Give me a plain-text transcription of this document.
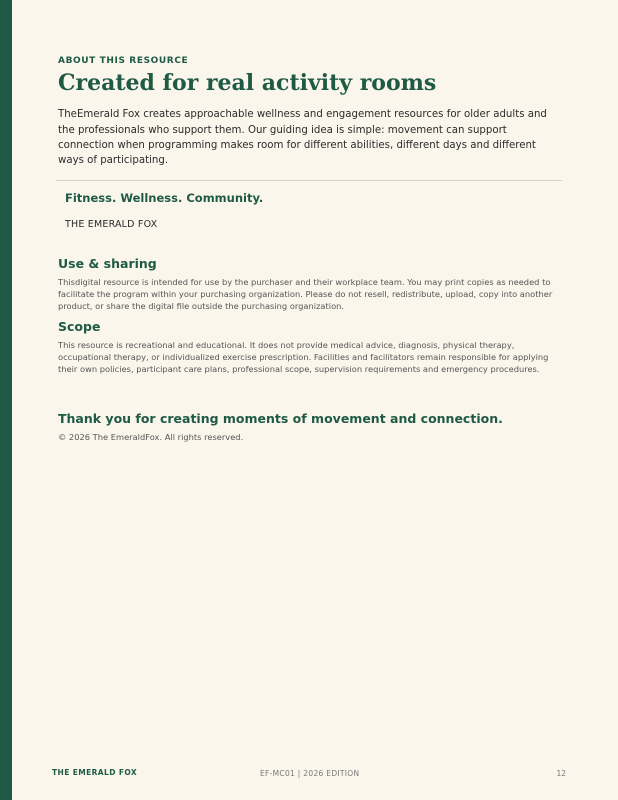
ABOUT THIS RESOURCE

Created for real activity rooms

TheEmerald Fox creates approachable wellness and engagement resources for older adults and the professionals who support them. Our guiding idea is simple: movement can support connection when programming makes room for different abilities, different days and different ways of participating.

Fitness. Wellness. Community.
THE EMERALD FOX
Use & sharing

Thisdigital resource is intended for use by the purchaser and their workplace team. You may print copies as needed to facilitate the program within your purchasing organization. Please do not resell, redistribute, upload, copy into another product, or share the digital file outside the purchasing organization.

Scope

This resource is recreational and educational. It does not provide medical advice, diagnosis, physical therapy, occupational therapy, or individualized exercise prescription. Facilities and facilitators remain responsible for applying their own policies, participant care plans, professional scope, supervision requirements and emergency procedures.

Thank you for creating moments of movement and connection.
© 2026 The EmeraldFox. All rights reserved.
THE EMERALD FOX	EF-MC01 | 2026 EDITION	12
